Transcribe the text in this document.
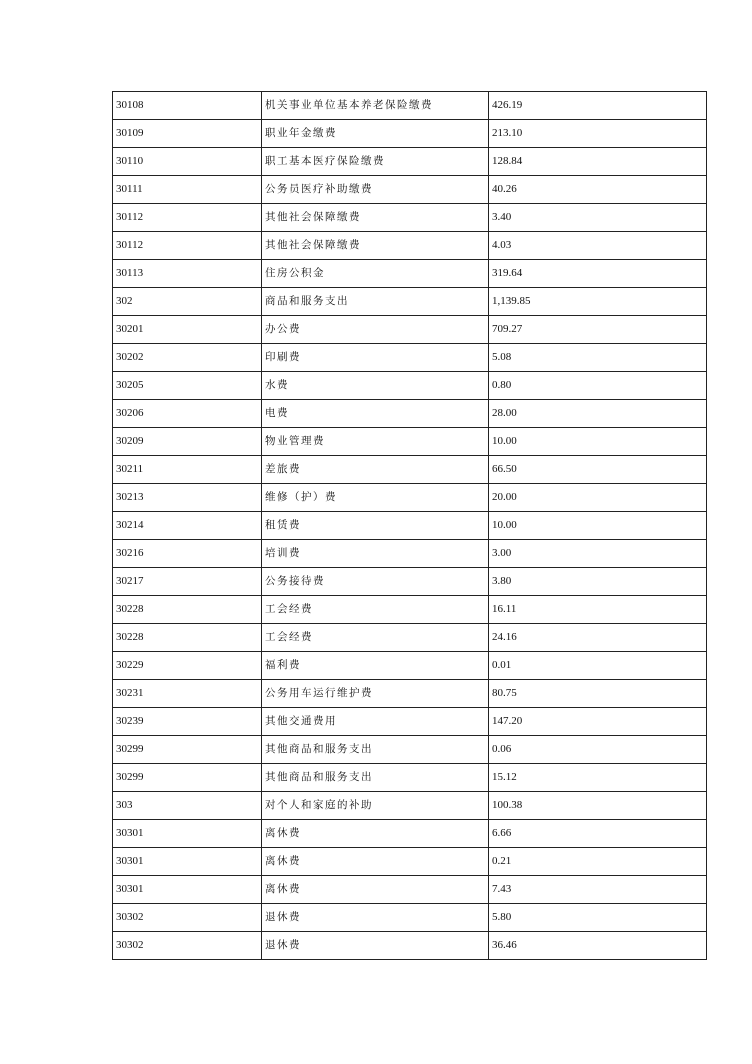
30108	机关事业单位基本养老保险缴费	426.19
30109	职业年金缴费	213.10
30110	职工基本医疗保险缴费	128.84
30111	公务员医疗补助缴费	40.26
30112	其他社会保障缴费	3.40
30112	其他社会保障缴费	4.03
30113	住房公积金	319.64
302	商品和服务支出	1,139.85
30201	办公费	709.27
30202	印刷费	5.08
30205	水费	0.80
30206	电费	28.00
30209	物业管理费	10.00
30211	差旅费	66.50
30213	维修（护）费	20.00
30214	租赁费	10.00
30216	培训费	3.00
30217	公务接待费	3.80
30228	工会经费	16.11
30228	工会经费	24.16
30229	福利费	0.01
30231	公务用车运行维护费	80.75
30239	其他交通费用	147.20
30299	其他商品和服务支出	0.06
30299	其他商品和服务支出	15.12
303	对个人和家庭的补助	100.38
30301	离休费	6.66
30301	离休费	0.21
30301	离休费	7.43
30302	退休费	5.80
30302	退休费	36.46
